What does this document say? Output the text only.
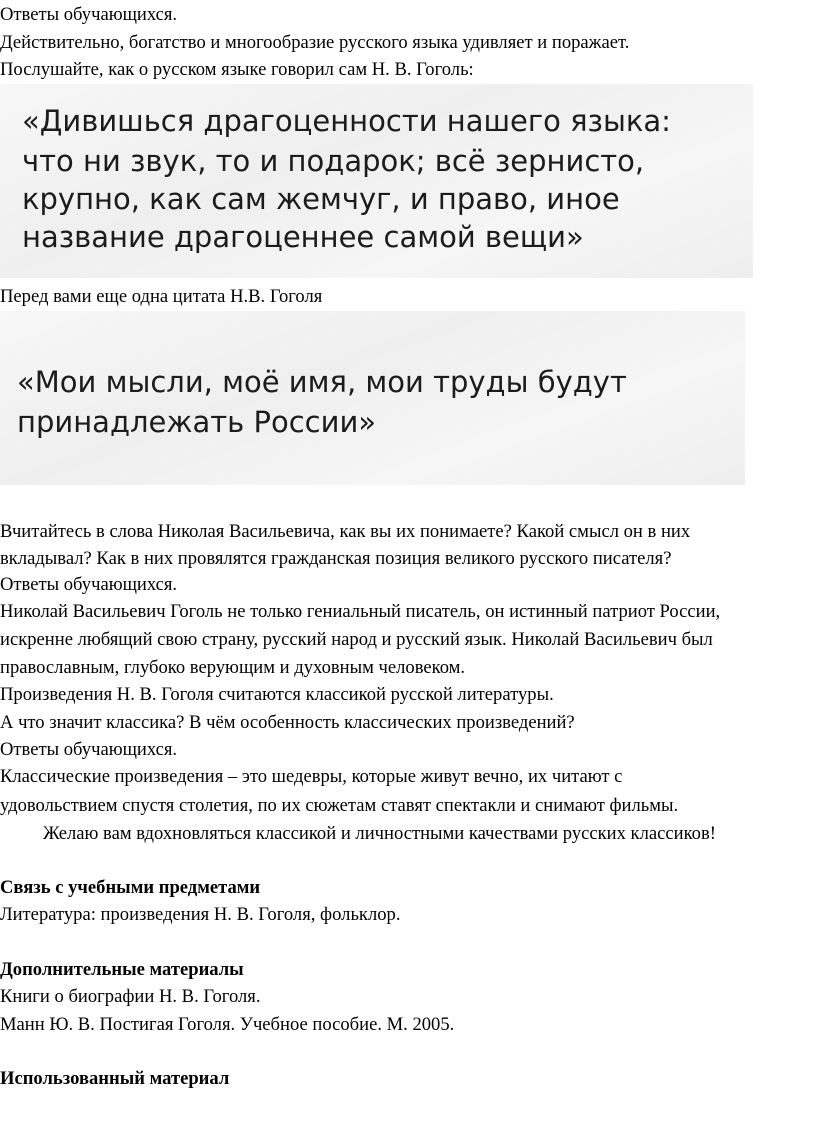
Ответы обучающихся.

Действительно, богатство и многообразие русского языка удивляет и поражает.

Послушайте, как о русском языке говорил сам Н. В. Гоголь:

«Дивишься драгоценности нашего языка:

что ни звук, то и подарок; всё зернисто,

крупно, как сам жемчуг, и право, иное

название драгоценнее самой вещи»

Перед вами еще одна цитата Н.В. Гоголя

«Мои мысли, моё имя, мои труды будут

принадлежать России»

Вчитайтесь в слова Николая Васильевича, как вы их понимаете? Какой смысл он в них

вкладывал? Как в них провялятся гражданская позиция великого русского писателя?

Ответы обучающихся.

Николай Васильевич Гоголь не только гениальный писатель, он истинный патриот России,

искренне любящий свою страну, русский народ и русский язык. Николай Васильевич был

православным, глубоко верующим и духовным человеком.

Произведения Н. В. Гоголя считаются классикой русской литературы.

А что значит классика? В чём особенность классических произведений?

Ответы обучающихся.

Классические произведения – это шедевры, которые живут вечно, их читают с

удовольствием спустя столетия, по их сюжетам ставят спектакли и снимают фильмы.

Желаю вам вдохновляться классикой и личностными качествами русских классиков!

Связь с учебными предметами

Литература: произведения Н. В. Гоголя, фольклор.

Дополнительные материалы

Книги о биографии Н. В. Гоголя.

Манн Ю. В. Постигая Гоголя. Учебное пособие. М. 2005.

Использованный материал
